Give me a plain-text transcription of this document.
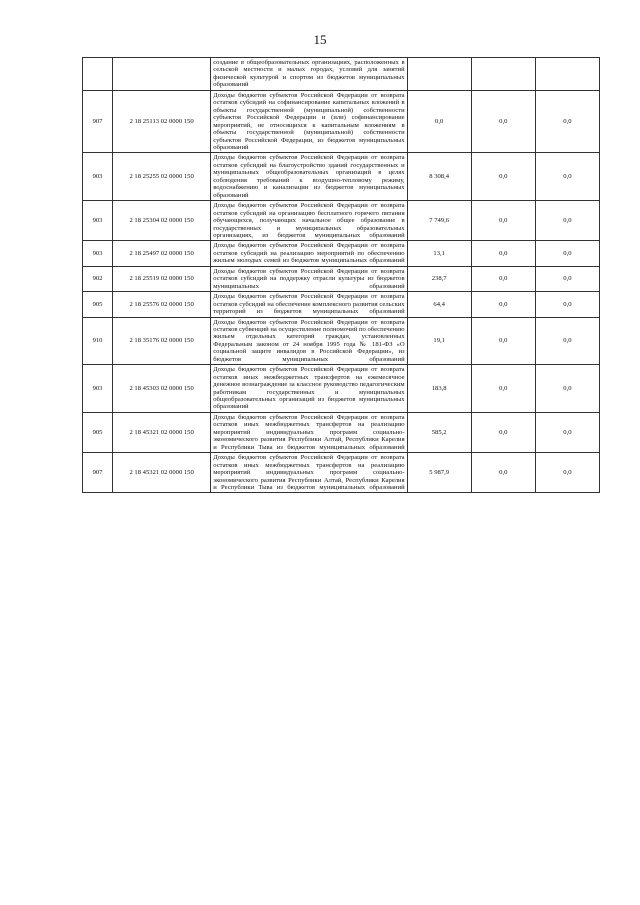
15
		создание в общеобразовательных организациях, расположенных в сельской местности и малых городах, условий для занятий физической культурой и спортом из бюджетов муниципальных образований			
907	2 18 25113 02 0000 150	Доходы бюджетов субъектов Российской Федерации от возврата остатков субсидий на софинансирование капитальных вложений в объекты государственной (муниципальной) собственности субъектов Российской Федерации и (или) софинансирование мероприятий, не относящихся к капитальным вложениям в объекты государственной (муниципальной) собственности субъектов Российской Федерации, из бюджетов муниципальных образований	0,0	0,0	0,0
903	2 18 25255 02 0000 150	Доходы бюджетов субъектов Российской Федерации от возврата остатков субсидий на благоустройство зданий государственных и муниципальных общеобразовательных организаций в целях соблюдения требований к воздушно-тепловому режиму, водоснабжению и канализации из бюджетов муниципальных образований	8 308,4	0,0	0,0
903	2 18 25304 02 0000 150	Доходы бюджетов субъектов Российской Федерации от возврата остатков субсидий на организацию бесплатного горячего питания обучающихся, получающих начальное общее образование в государственных и муниципальных образовательных организациях, из бюджетов муниципальных образований	7 749,6	0,0	0,0
903	2 18 25497 02 0000 150	Доходы бюджетов субъектов Российской Федерации от возврата остатков субсидий на реализацию мероприятий по обеспечению жильем молодых семей из бюджетов муниципальных образований	13,1	0,0	0,0
902	2 18 25519 02 0000 150	Доходы бюджетов субъектов Российской Федерации от возврата остатков субсидий на поддержку отрасли культуры из бюджетов муниципальных образований	238,7	0,0	0,0
905	2 18 25576 02 0000 150	Доходы бюджетов субъектов Российской Федерации от возврата остатков субсидий на обеспечение комплексного развития сельских территорий из бюджетов муниципальных образований	64,4	0,0	0,0
910	2 18 35176 02 0000 150	Доходы бюджетов субъектов Российской Федерации от возврата остатков субвенций на осуществление полномочий по обеспечению жильем отдельных категорий граждан, установленных Федеральным законом от 24 ноября 1995 года № 181-ФЗ «О социальной защите инвалидов в Российской Федерации», из бюджетов муниципальных образований	19,1	0,0	0,0
903	2 18 45303 02 0000 150	Доходы бюджетов субъектов Российской Федерации от возврата остатков иных межбюджетных трансфертов на ежемесячное денежное вознаграждение за классное руководство педагогическим работникам государственных и муниципальных общеобразовательных организаций из бюджетов муниципальных образований	183,8	0,0	0,0
905	2 18 45321 02 0000 150	Доходы бюджетов субъектов Российской Федерации от возврата остатков иных межбюджетных трансфертов на реализацию мероприятий индивидуальных программ социально-экономического развития Республики Алтай, Республики Карелия и Республики Тыва из бюджетов муниципальных образований	585,2	0,0	0,0
907	2 18 45321 02 0000 150	Доходы бюджетов субъектов Российской Федерации от возврата остатков иных межбюджетных трансфертов на реализацию мероприятий индивидуальных программ социально-экономического развития Республики Алтай, Республики Карелия и Республики Тыва из бюджетов муниципальных образований	5 987,9	0,0	0,0
